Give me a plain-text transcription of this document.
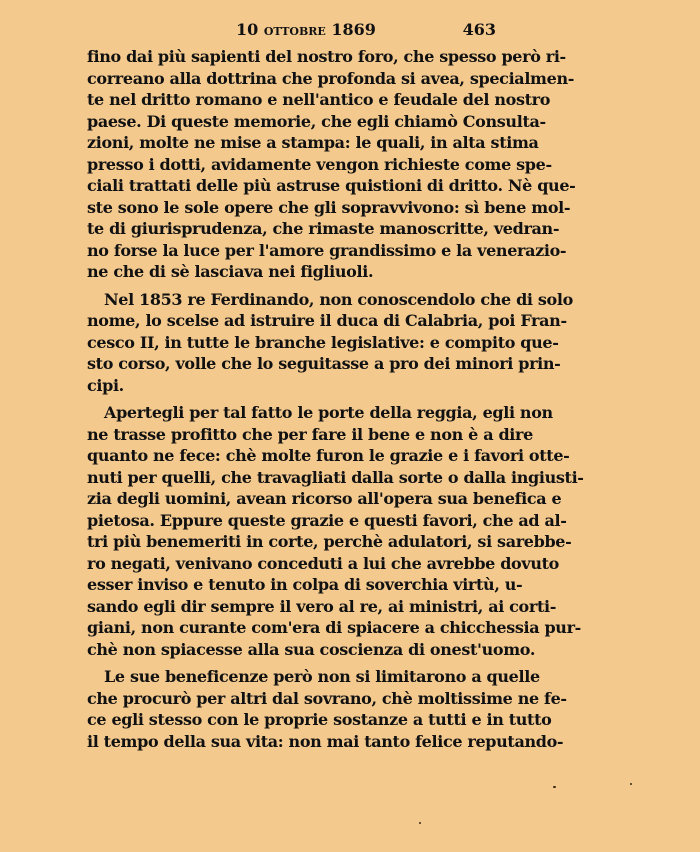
10 ottobre 1869	463
fino dai più sapienti del nostro foro, che spesso però ri-
correano alla dottrina che profonda si avea, specialmen-
te nel dritto romano e nell'antico e feudale del nostro
paese. Di queste memorie, che egli chiamò Consulta-
zioni, molte ne mise a stampa: le quali, in alta stima
presso i dotti, avidamente vengon richieste come spe-
ciali trattati delle più astruse quistioni di dritto. Nè que-
ste sono le sole opere che gli sopravvivono: sì bene mol-
te di giurisprudenza, che rimaste manoscritte, vedran-
no forse la luce per l'amore grandissimo e la venerazio-
ne che di sè lasciava nei figliuoli.
Nel 1853 re Ferdinando, non conoscendolo che di solo
nome, lo scelse ad istruire il duca di Calabria, poi Fran-
cesco II, in tutte le branche legislative: e compito que-
sto corso, volle che lo seguitasse a pro dei minori prin-
cipi.
Apertegli per tal fatto le porte della reggia, egli non
ne trasse profitto che per fare il bene e non è a dire
quanto ne fece: chè molte furon le grazie e i favori otte-
nuti per quelli, che travagliati dalla sorte o dalla ingiusti-
zia degli uomini, avean ricorso all'opera sua benefica e
pietosa. Eppure queste grazie e questi favori, che ad al-
tri più benemeriti in corte, perchè adulatori, si sarebbe-
ro negati, venivano conceduti a lui che avrebbe dovuto
esser inviso e tenuto in colpa di soverchia virtù, u-
sando egli dir sempre il vero al re, ai ministri, ai corti-
giani, non curante com'era di spiacere a chicchessia pur-
chè non spiacesse alla sua coscienza di onest'uomo.
Le sue beneficenze però non si limitarono a quelle
che procurò per altri dal sovrano, chè moltissime ne fe-
ce egli stesso con le proprie sostanze a tutti e in tutto
il tempo della sua vita: non mai tanto felice reputando-
